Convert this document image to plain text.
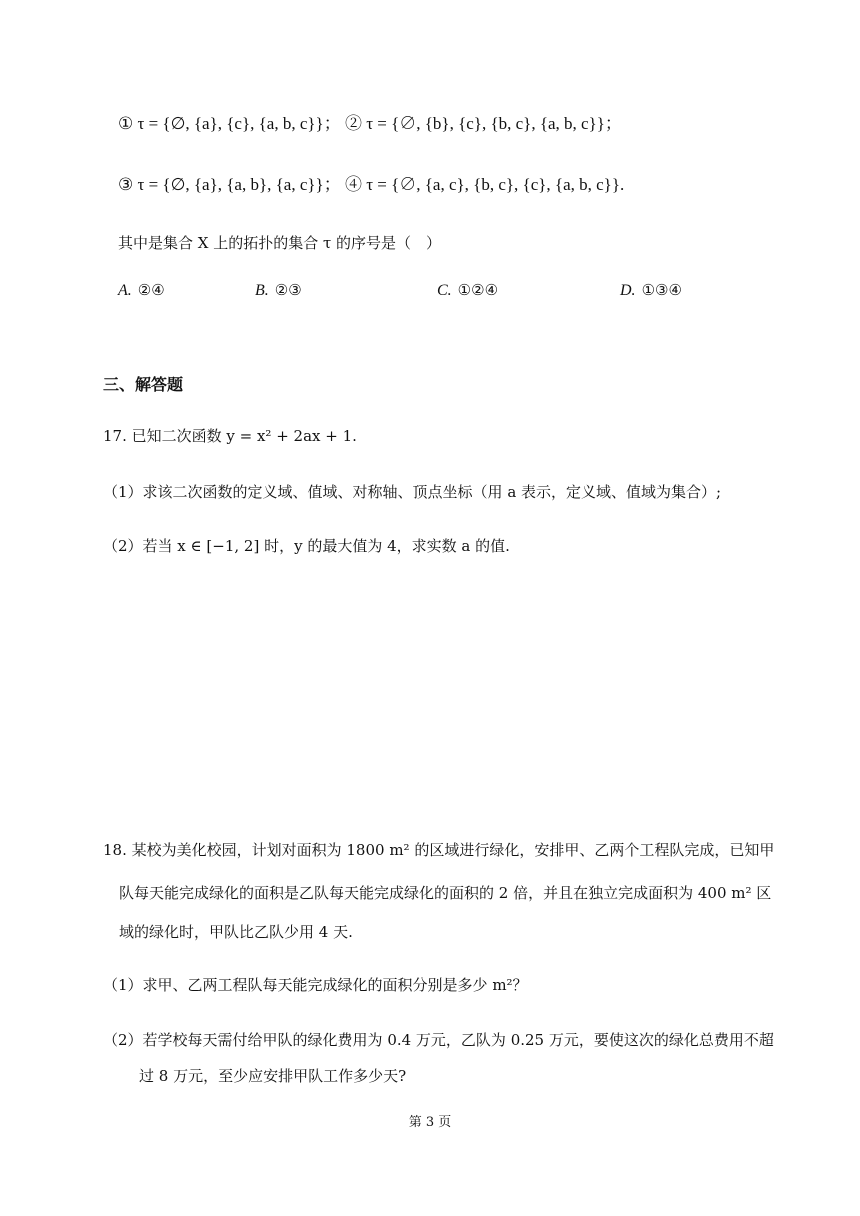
① τ = {∅, {a}, {c}, {a, b, c}}； ② τ = {∅, {b}, {c}, {b, c}, {a, b, c}}；
③ τ = {∅, {a}, {a, b}, {a, c}}； ④ τ = {∅, {a, c}, {b, c}, {c}, {a, b, c}}.
其中是集合 X 上的拓扑的集合 τ 的序号是（　）
A. ②④	B. ②③	C. ①②④	D. ①③④
三、解答题
17. 已知二次函数 y = x² + 2ax + 1.
（1）求该二次函数的定义域、值域、对称轴、顶点坐标（用 a 表示，定义域、值域为集合）;
（2）若当 x ∈ [−1, 2] 时，y 的最大值为 4，求实数 a 的值.
18. 某校为美化校园，计划对面积为 1800 m² 的区域进行绿化，安排甲、乙两个工程队完成，已知甲
队每天能完成绿化的面积是乙队每天能完成绿化的面积的 2 倍，并且在独立完成面积为 400 m² 区
域的绿化时，甲队比乙队少用 4 天.
（1）求甲、乙两工程队每天能完成绿化的面积分别是多少 m²？
（2）若学校每天需付给甲队的绿化费用为 0.4 万元，乙队为 0.25 万元，要使这次的绿化总费用不超
过 8 万元，至少应安排甲队工作多少天?
第 3 页
